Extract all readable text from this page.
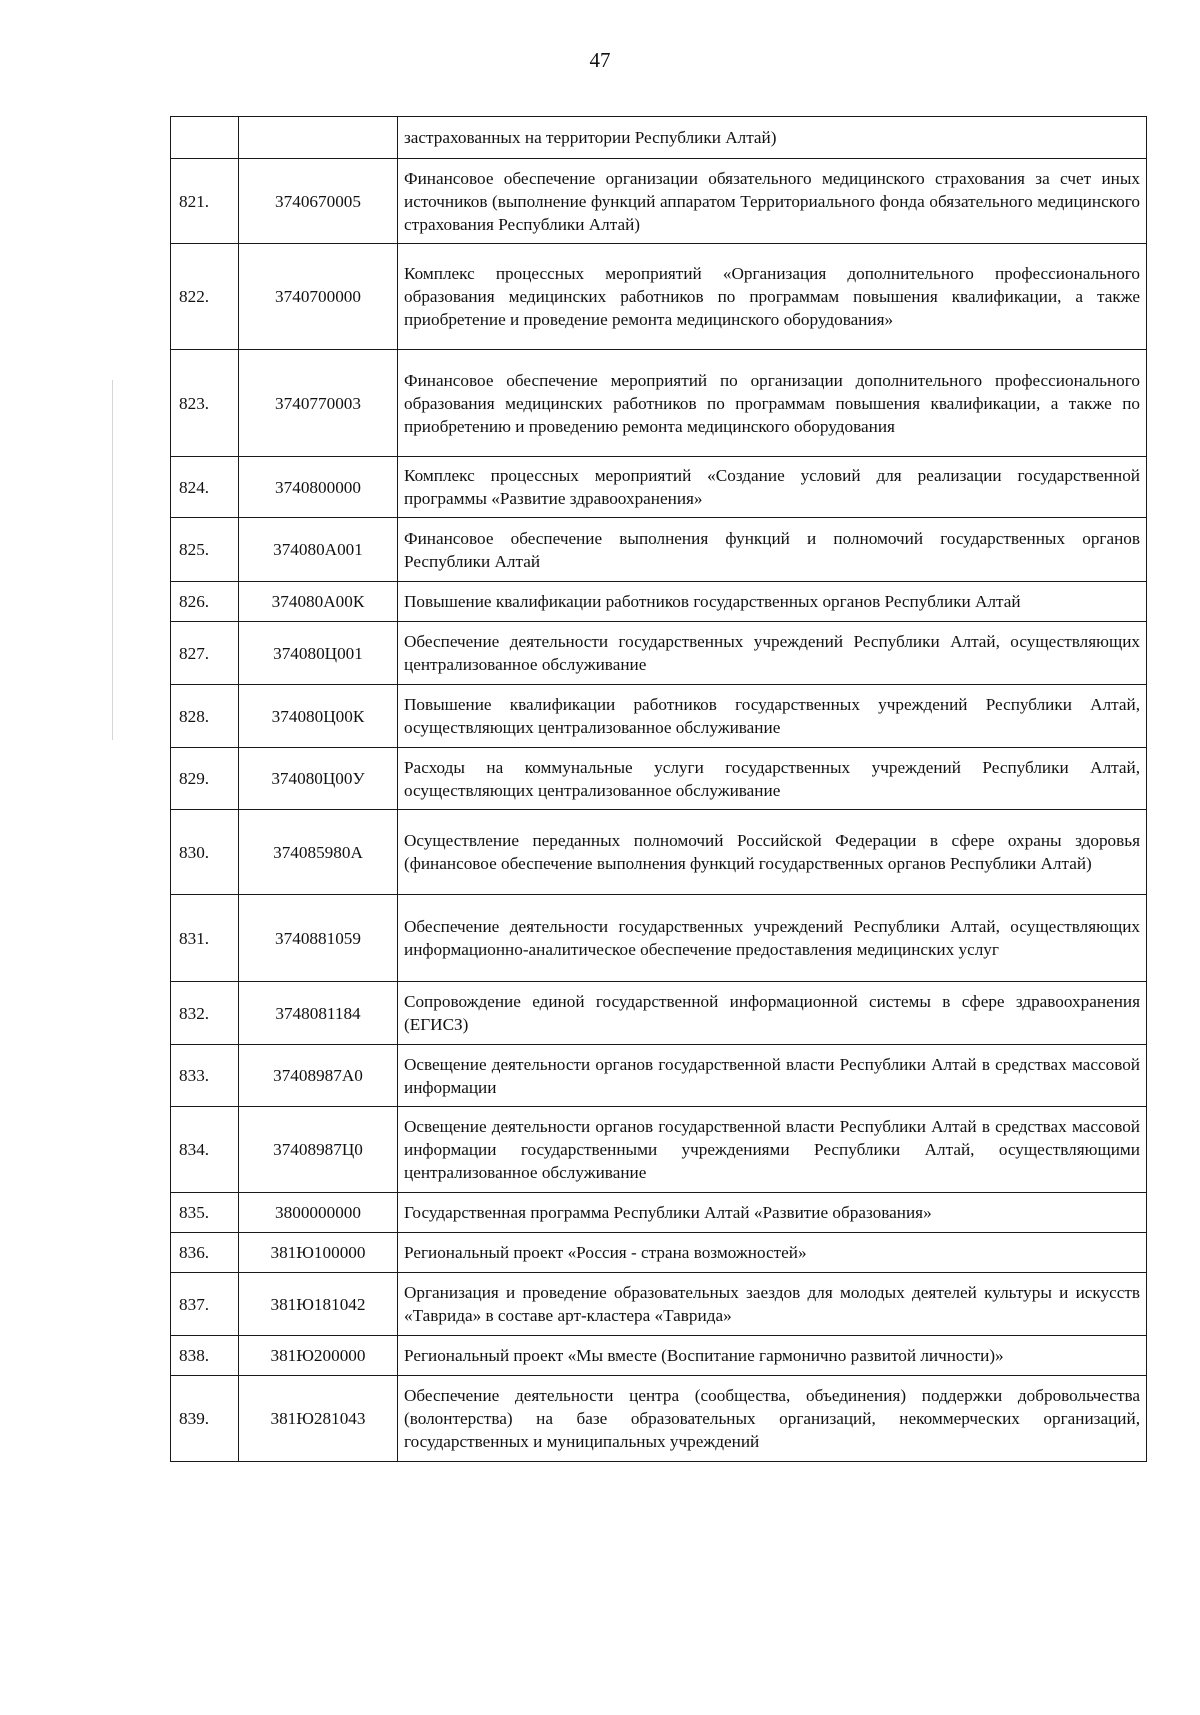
47
		застрахованных на территории Республики Алтай)
821.	3740670005	Финансовое обеспечение организации обязательного медицинского страхования за счет иных источников (выполнение функций аппаратом Территориального фонда обязательного медицинского страхования Республики Алтай)
822.	3740700000	Комплекс процессных мероприятий «Организация дополнительного профессионального образования медицинских работников по программам повышения квалификации, а также приобретение и проведение ремонта медицинского оборудования»
823.	3740770003	Финансовое обеспечение мероприятий по организации дополнительного профессионального образования медицинских работников по программам повышения квалификации, а также по приобретению и проведению ремонта медицинского оборудования
824.	3740800000	Комплекс процессных мероприятий «Создание условий для реализации государственной программы «Развитие здравоохранения»
825.	374080А001	Финансовое обеспечение выполнения функций и полномочий государственных органов Республики Алтай
826.	374080А00К	Повышение квалификации работников государственных органов Республики Алтай
827.	374080Ц001	Обеспечение деятельности государственных учреждений Республики Алтай, осуществляющих централизованное обслуживание
828.	374080Ц00К	Повышение квалификации работников государственных учреждений Республики Алтай, осуществляющих централизованное обслуживание
829.	374080Ц00У	Расходы на коммунальные услуги государственных учреждений Республики Алтай, осуществляющих централизованное обслуживание
830.	374085980А	Осуществление переданных полномочий Российской Федерации в сфере охраны здоровья (финансовое обеспечение выполнения функций государственных органов Республики Алтай)
831.	3740881059	Обеспечение деятельности государственных учреждений Республики Алтай, осуществляющих информационно-аналитическое обеспечение предоставления медицинских услуг
832.	3748081184	Сопровождение единой государственной информационной системы в сфере здравоохранения (ЕГИСЗ)
833.	37408987А0	Освещение деятельности органов государственной власти Республики Алтай в средствах массовой информации
834.	37408987Ц0	Освещение деятельности органов государственной власти Республики Алтай в средствах массовой информации государственными учреждениями Республики Алтай, осуществляющими централизованное обслуживание
835.	3800000000	Государственная программа Республики Алтай «Развитие образования»
836.	381Ю100000	Региональный проект «Россия - страна возможностей»
837.	381Ю181042	Организация и проведение образовательных заездов для молодых деятелей культуры и искусств «Таврида» в составе арт-кластера «Таврида»
838.	381Ю200000	Региональный проект «Мы вместе (Воспитание гармонично развитой личности)»
839.	381Ю281043	Обеспечение деятельности центра (сообщества, объединения) поддержки добровольчества (волонтерства) на базе образовательных организаций, некоммерческих организаций, государственных и муниципальных учреждений
